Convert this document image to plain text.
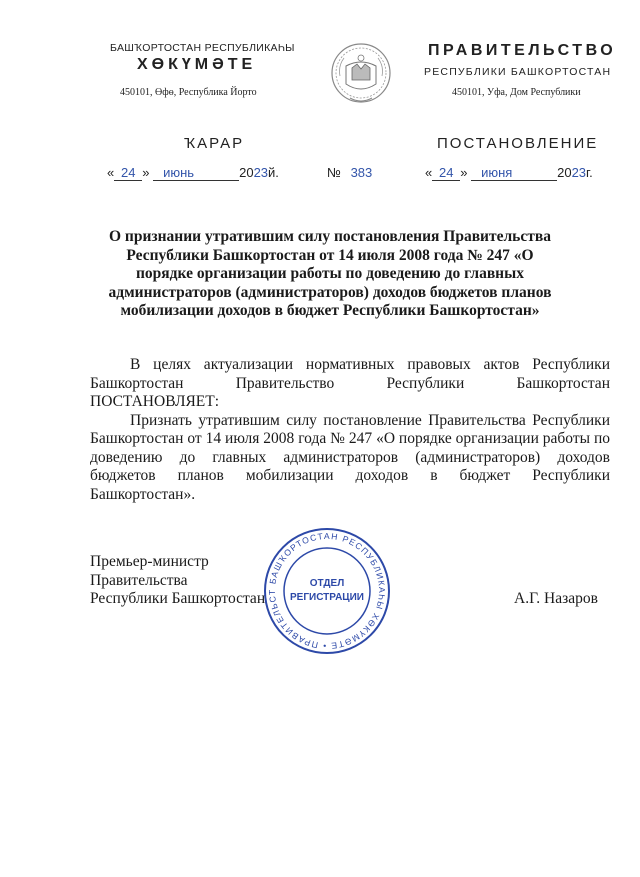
БАШҠОРТОСТАН РЕСПУБЛИКАҺЫ
ХӨКҮМӘТЕ
450101, Өфө, Республика Йорто
ПРАВИТЕЛЬСТВО
РЕСПУБЛИКИ БАШКОРТОСТАН
450101, Уфа, Дом Республики
ҠАРАР	ПОСТАНОВЛЕНИЕ
« 24 » июнь	2023й.	№ 383	« 24 » июня	2023г.
О признании утратившим силу постановления Правительства Республики Башкортостан от 14 июля 2008 года № 247 «О порядке организации работы по доведению до главных администраторов (администраторов) доходов бюджетов планов мобилизации доходов в бюджет Республики Башкортостан»

В целях актуализации нормативных правовых актов Республики Башкортостан Правительство Республики Башкортостан

ПОСТАНОВЛЯЕТ:

Признать утратившим силу постановление Правительства Республики Башкортостан от 14 июля 2008 года № 247 «О порядке организации работы по доведению до главных администраторов (администраторов) доходов бюджетов планов мобилизации доходов в бюджет Республики Башкортостан».

Премьер-министр
Правительства
Республики Башкортостан	А.Г. Назаров
БАШҠОРТОСТАН РЕСПУБЛИКАҺЫ ХӨКҮМӘТЕ • ПРАВИТЕЛЬСТ
ОТДЕЛ
РЕГИСТРАЦИИ
